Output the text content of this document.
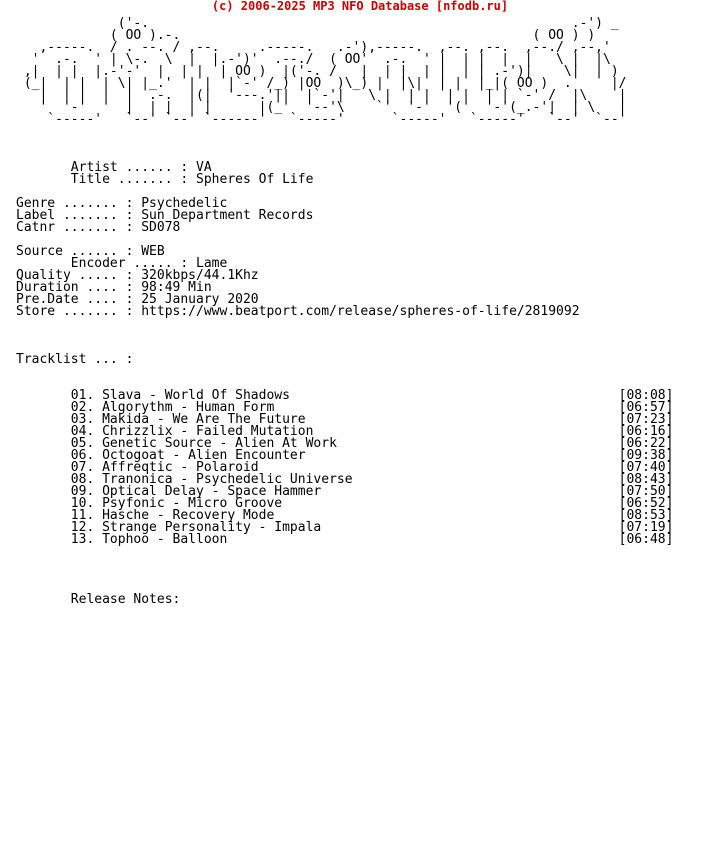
(c) 2006-2025 MP3 NFO Database [nfodb.ru]
('-.                                                      .-') _
( OO ).-.                                             ( OO ) )
,-----.  / . --. / ,--.     .-----.   .-'),-----.  ,--. ,--.  ,--./ ,--,'
'  .-.  ' | \-.  \  |  |.-')'  .--./  ( OO'  .-.  ' |  | |  |  |   \ |  |\
,|  | |  |.-'-'  |  | |  | OO )  |('-. /   |  | |  | |  | | .-')|    \|  | )
(_|  | |  | \| |_.'  | |  |`-' /_) |OO  )\_) |  |\|  | |  |_|( OO )  .     |/
|  | |  |  |  .-.  |(|  '---.'||  |`-'|   \ |  | |  | |  | | `-' /  |\    |
'  '-'  '  |  | |  | |      |(_'  '--'\    `'  '-'  '('  '-'(_.-'|  | \   |
`-----'   `--' `--' `------'   `-----'      `-----'   `-----'   `--'  `--'

Artist ...... : VA
Title ....... : Spheres Of Life

Genre ....... : Psychedelic
Label ....... : Sun Department Records
Catnr ....... : SD078

Source ...... : WEB
Encoder ..... : Lame
Quality ..... : 320kbps/44.1Khz
Duration .... : 98:49 Min
Pre.Date .... : 25 January 2020
Store ....... : https://www.beatport.com/release/spheres-of-life/2819092

Tracklist ... :

01. Slava - World Of Shadows                                          [08:08]
02. Algorythm - Human Form                                            [06:57]
03. Makida - We Are The Future                                        [07:23]
04. Chrizzlix - Failed Mutation                                       [06:16]
05. Genetic Source - Alien At Work                                    [06:22]
06. Octogoat - Alien Encounter                                        [09:38]
07. Affreqtic - Polaroid                                              [07:40]
08. Tranonica - Psychedelic Universe                                  [08:43]
09. Optical Delay - Space Hammer                                      [07:50]
10. Psyfonic - Micro Groove                                           [06:52]
11. Hasche - Recovery Mode                                            [08:53]
12. Strange Personality - Impala                                      [07:19]
13. Tophoo - Balloon                                                  [06:48]

Release Notes:
